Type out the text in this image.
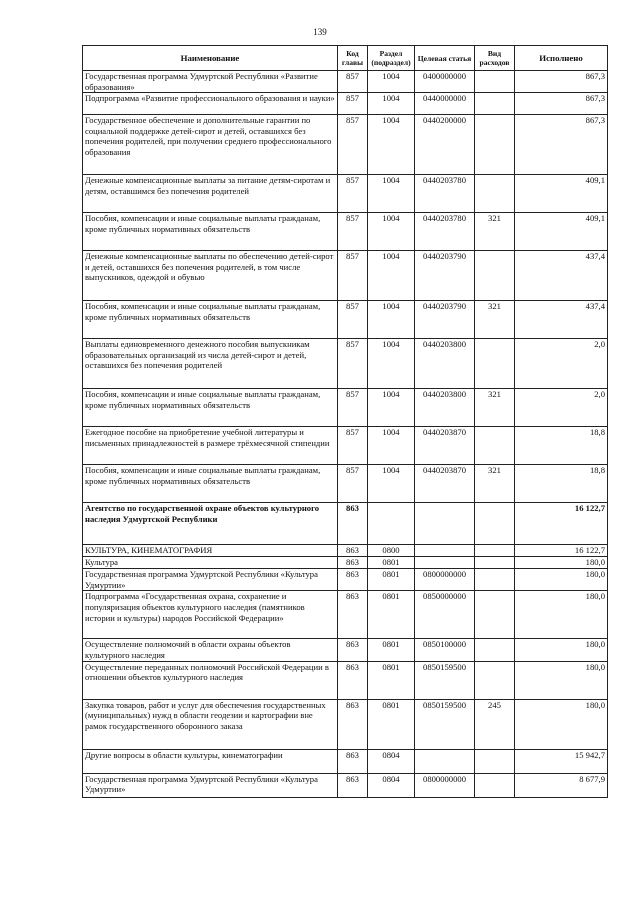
139
Наименование	Код главы	Раздел (подраздел)	Целевая статья	Вид расходов	Исполнено
Государственная программа Удмуртской Республики «Развитие образования»	857	1004	0400000000		867,3
Подпрограмма «Развитие профессионального образования и науки»	857	1004	0440000000		867,3
Государственное обеспечение и дополнительные гарантии по социальной поддержке детей-сирот и детей, оставшихся без попечения родителей, при получении среднего профессионального образования	857	1004	0440200000		867,3
Денежные компенсационные выплаты за питание детям-сиротам и детям, оставшимся без попечения родителей	857	1004	0440203780		409,1
Пособия, компенсации и иные социальные выплаты гражданам, кроме публичных нормативных обязательств	857	1004	0440203780	321	409,1
Денежные компенсационные выплаты по обеспечению детей-сирот и детей, оставшихся без попечения родителей, в том числе выпускников, одеждой и обувью	857	1004	0440203790		437,4
Пособия, компенсации и иные социальные выплаты гражданам, кроме публичных нормативных обязательств	857	1004	0440203790	321	437,4
Выплаты единовременного денежного пособия выпускникам образовательных организаций из числа детей-сирот и детей, оставшихся без попечения родителей	857	1004	0440203800		2,0
Пособия, компенсации и иные социальные выплаты гражданам, кроме публичных нормативных обязательств	857	1004	0440203800	321	2,0
Ежегодное пособие на приобретение учебной литературы и письменных принадлежностей в размере трёхмесячной стипендии	857	1004	0440203870		18,8
Пособия, компенсации и иные социальные выплаты гражданам, кроме публичных нормативных обязательств	857	1004	0440203870	321	18,8
Агентство по государственной охране объектов культурного наследия Удмуртской Республики	863				16 122,7
КУЛЬТУРА, КИНЕМАТОГРАФИЯ	863	0800			16 122,7
Культура	863	0801			180,0
Государственная программа Удмуртской Республики «Культура Удмуртии»	863	0801	0800000000		180,0
Подпрограмма «Государственная охрана, сохранение и популяризация объектов культурного наследия (памятников истории и культуры) народов Российской Федерации»	863	0801	0850000000		180,0
Осуществление полномочий в области охраны объектов культурного наследия	863	0801	0850100000		180,0
Осуществление переданных полномочий Российской Федерации в отношении объектов культурного наследия	863	0801	0850159500		180,0
Закупка товаров, работ и услуг для обеспечения государственных (муниципальных) нужд в области геодезии и картографии вне рамок государственного оборонного заказа	863	0801	0850159500	245	180,0
Другие вопросы в области культуры, кинематографии	863	0804			15 942,7
Государственная программа Удмуртской Республики «Культура Удмуртии»	863	0804	0800000000		8 677,9
